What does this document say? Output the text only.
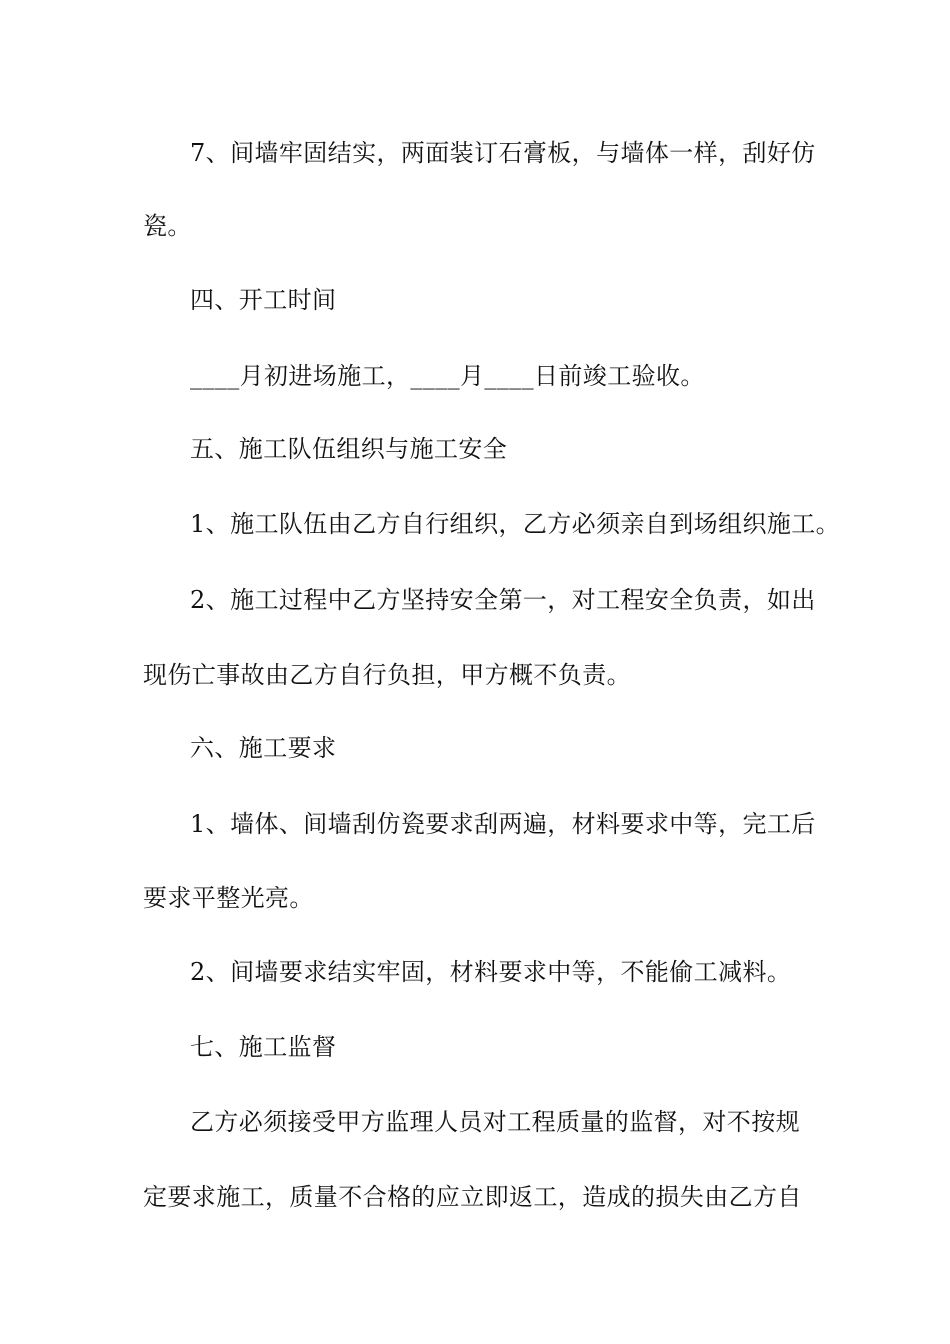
7、间墙牢固结实，两面装订石膏板，与墙体一样，刮好仿
瓷。
四、开工时间
____月初进场施工，____月____日前竣工验收。
五、施工队伍组织与施工安全
1、施工队伍由乙方自行组织，乙方必须亲自到场组织施工。
2、施工过程中乙方坚持安全第一，对工程安全负责，如出
现伤亡事故由乙方自行负担，甲方概不负责。
六、施工要求
1、墙体、间墙刮仿瓷要求刮两遍，材料要求中等，完工后
要求平整光亮。
2、间墙要求结实牢固，材料要求中等，不能偷工减料。
七、施工监督
乙方必须接受甲方监理人员对工程质量的监督，对不按规
定要求施工，质量不合格的应立即返工，造成的损失由乙方自
